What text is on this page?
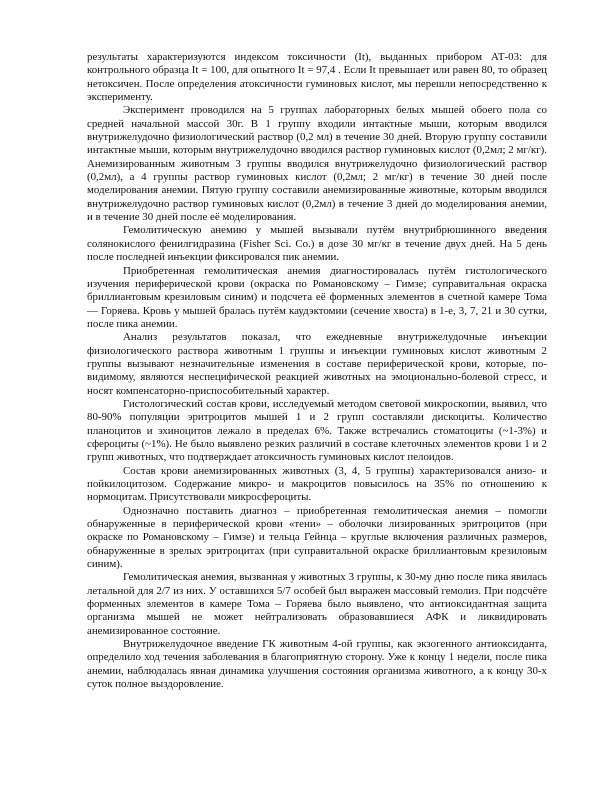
результаты характеризуются индексом токсичности (It), выданных прибором АТ-03: для контрольного образца It = 100, для опытного It = 97,4 . Если It превышает или равен 80, то образец нетоксичен. После определения атоксичности гуминовых кислот, мы перешли непосредственно к эксперименту.

Эксперимент проводился на 5 группах лабораторных белых мышей обоего пола со средней начальной массой 30г. В 1 группу входили интактные мыши, которым вводился внутрижелудочно физиологический раствор (0,2 мл) в течение 30 дней. Вторую группу составили интактные мыши, которым внутрижелудочно вводился раствор гуминовых кислот (0,2мл; 2 мг/кг). Анемизированным животным 3 группы вводился внутрижелудочно физиологический раствор (0,2мл), а 4 группы раствор гуминовых кислот (0,2мл; 2 мг/кг) в течение 30 дней после моделирования анемии. Пятую группу составили анемизированные животные, которым вводился внутрижелудочно раствор гуминовых кислот (0,2мл) в течение 3 дней до моделирования анемии, и в течение 30 дней после её моделирования.

Гемолитическую анемию у мышей вызывали путём внутрибрюшинного введения солянокислого фенилгидразина (Fisher Sci. Co.) в дозе 30 мг/кг в течение двух дней. На 5 день после последней инъекции фиксировался пик анемии.

Приобретенная гемолитическая анемия диагностировалась путём гистологического изучения периферической крови (окраска по Романовскому – Гимзе; суправитальная окраска бриллиантовым крезиловым синим) и подсчета её форменных элементов в счетной камере Тома — Горяева. Кровь у мышей бралась путём каудэктомии (сечение хвоста) в 1-е, 3, 7, 21 и 30 сутки, после пика анемии.

Анализ результатов показал, что ежедневные внутрижелудочные инъекции физиологического раствора животным 1 группы и инъекции гуминовых кислот животным 2 группы вызывают незначительные изменения в составе периферической крови, которые, по-видимому, являются неспецифической реакцией животных на эмоционально-болевой стресс, и носят компенсаторно-приспособительный характер.

Гистологический состав крови, исследуемый методом световой микроскопии, выявил, что 80-90% популяции эритроцитов мышей 1 и 2 групп составляли дискоциты. Количество планоцитов и эхиноцитов лежало в пределах 6%. Также встречались стоматоциты (~1-3%) и сфероциты (~1%). Не было выявлено резких различий в составе клеточных элементов крови 1 и 2 групп животных, что подтверждает атоксичность гуминовых кислот пелоидов.

Состав крови анемизированных животных (3, 4, 5 группы) характеризовался анизо- и пойкилоцитозом. Содержание микро- и макроцитов повысилось на 35% по отношению к нормоцитам. Присутствовали микросфероциты.

Однозначно поставить диагноз – приобретенная гемолитическая анемия – помогли обнаруженные в периферической крови «тени» – оболочки лизированных эритроцитов (при окраске по Романовскому – Гимзе) и тельца Гейнца – круглые включения различных размеров, обнаруженные в зрелых эритроцитах (при суправитальной окраске бриллиантовым крезиловым синим).

Гемолитическая анемия, вызванная у животных 3 группы, к 30-му дню после пика явилась летальной для 2/7 из них. У оставшихся 5/7 особей был выражен массовый гемолиз. При подсчёте форменных элементов в камере Тома – Горяева было выявлено, что антиоксидантная защита организма мышей не может нейтрализовать образовавшиеся АФК и ликвидировать анемизированное состояние.

Внутрижелудочное введение ГК животным 4-ой группы, как экзогенного антиоксиданта, определило ход течения заболевания в благоприятную сторону. Уже к концу 1 недели, после пика анемии, наблюдалась явная динамика улучшения состояния организма животного, а к концу 30-х суток полное выздоровление.
